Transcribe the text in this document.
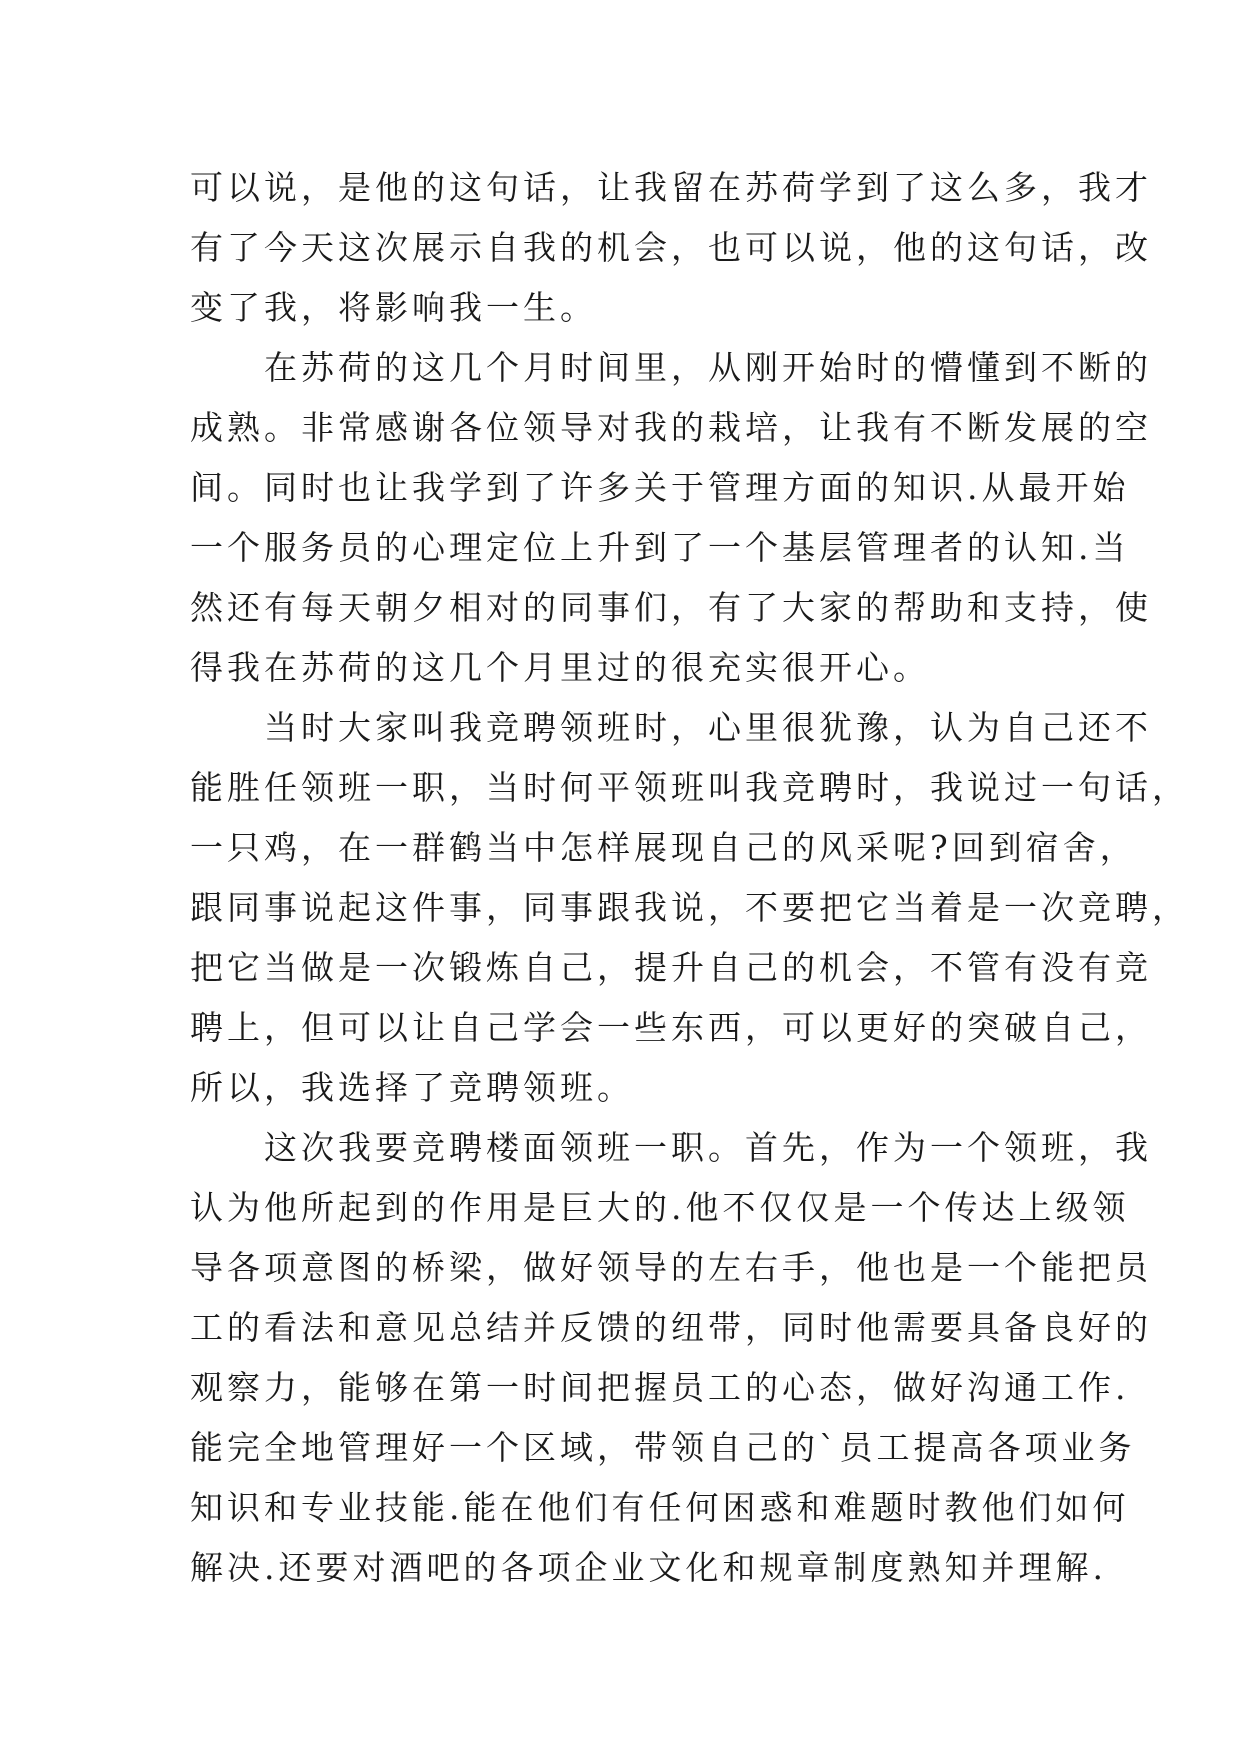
可以说，是他的这句话，让我留在苏荷学到了这么多，我才
有了今天这次展示自我的机会，也可以说，他的这句话，改
变了我，将影响我一生。
在苏荷的这几个月时间里，从刚开始时的懵懂到不断的
成熟。非常感谢各位领导对我的栽培，让我有不断发展的空
间。同时也让我学到了许多关于管理方面的知识.从最开始
一个服务员的心理定位上升到了一个基层管理者的认知.当
然还有每天朝夕相对的同事们，有了大家的帮助和支持，使
得我在苏荷的这几个月里过的很充实很开心。
当时大家叫我竞聘领班时，心里很犹豫，认为自己还不
能胜任领班一职，当时何平领班叫我竞聘时，我说过一句话，
一只鸡，在一群鹤当中怎样展现自己的风采呢?回到宿舍，
跟同事说起这件事，同事跟我说，不要把它当着是一次竞聘，
把它当做是一次锻炼自己，提升自己的机会，不管有没有竞
聘上，但可以让自己学会一些东西，可以更好的突破自己，
所以，我选择了竞聘领班。
这次我要竞聘楼面领班一职。首先，作为一个领班，我
认为他所起到的作用是巨大的.他不仅仅是一个传达上级领
导各项意图的桥梁，做好领导的左右手，他也是一个能把员
工的看法和意见总结并反馈的纽带，同时他需要具备良好的
观察力，能够在第一时间把握员工的心态，做好沟通工作.
能完全地管理好一个区域，带领自己的`员工提高各项业务
知识和专业技能.能在他们有任何困惑和难题时教他们如何
解决.还要对酒吧的各项企业文化和规章制度熟知并理解.
